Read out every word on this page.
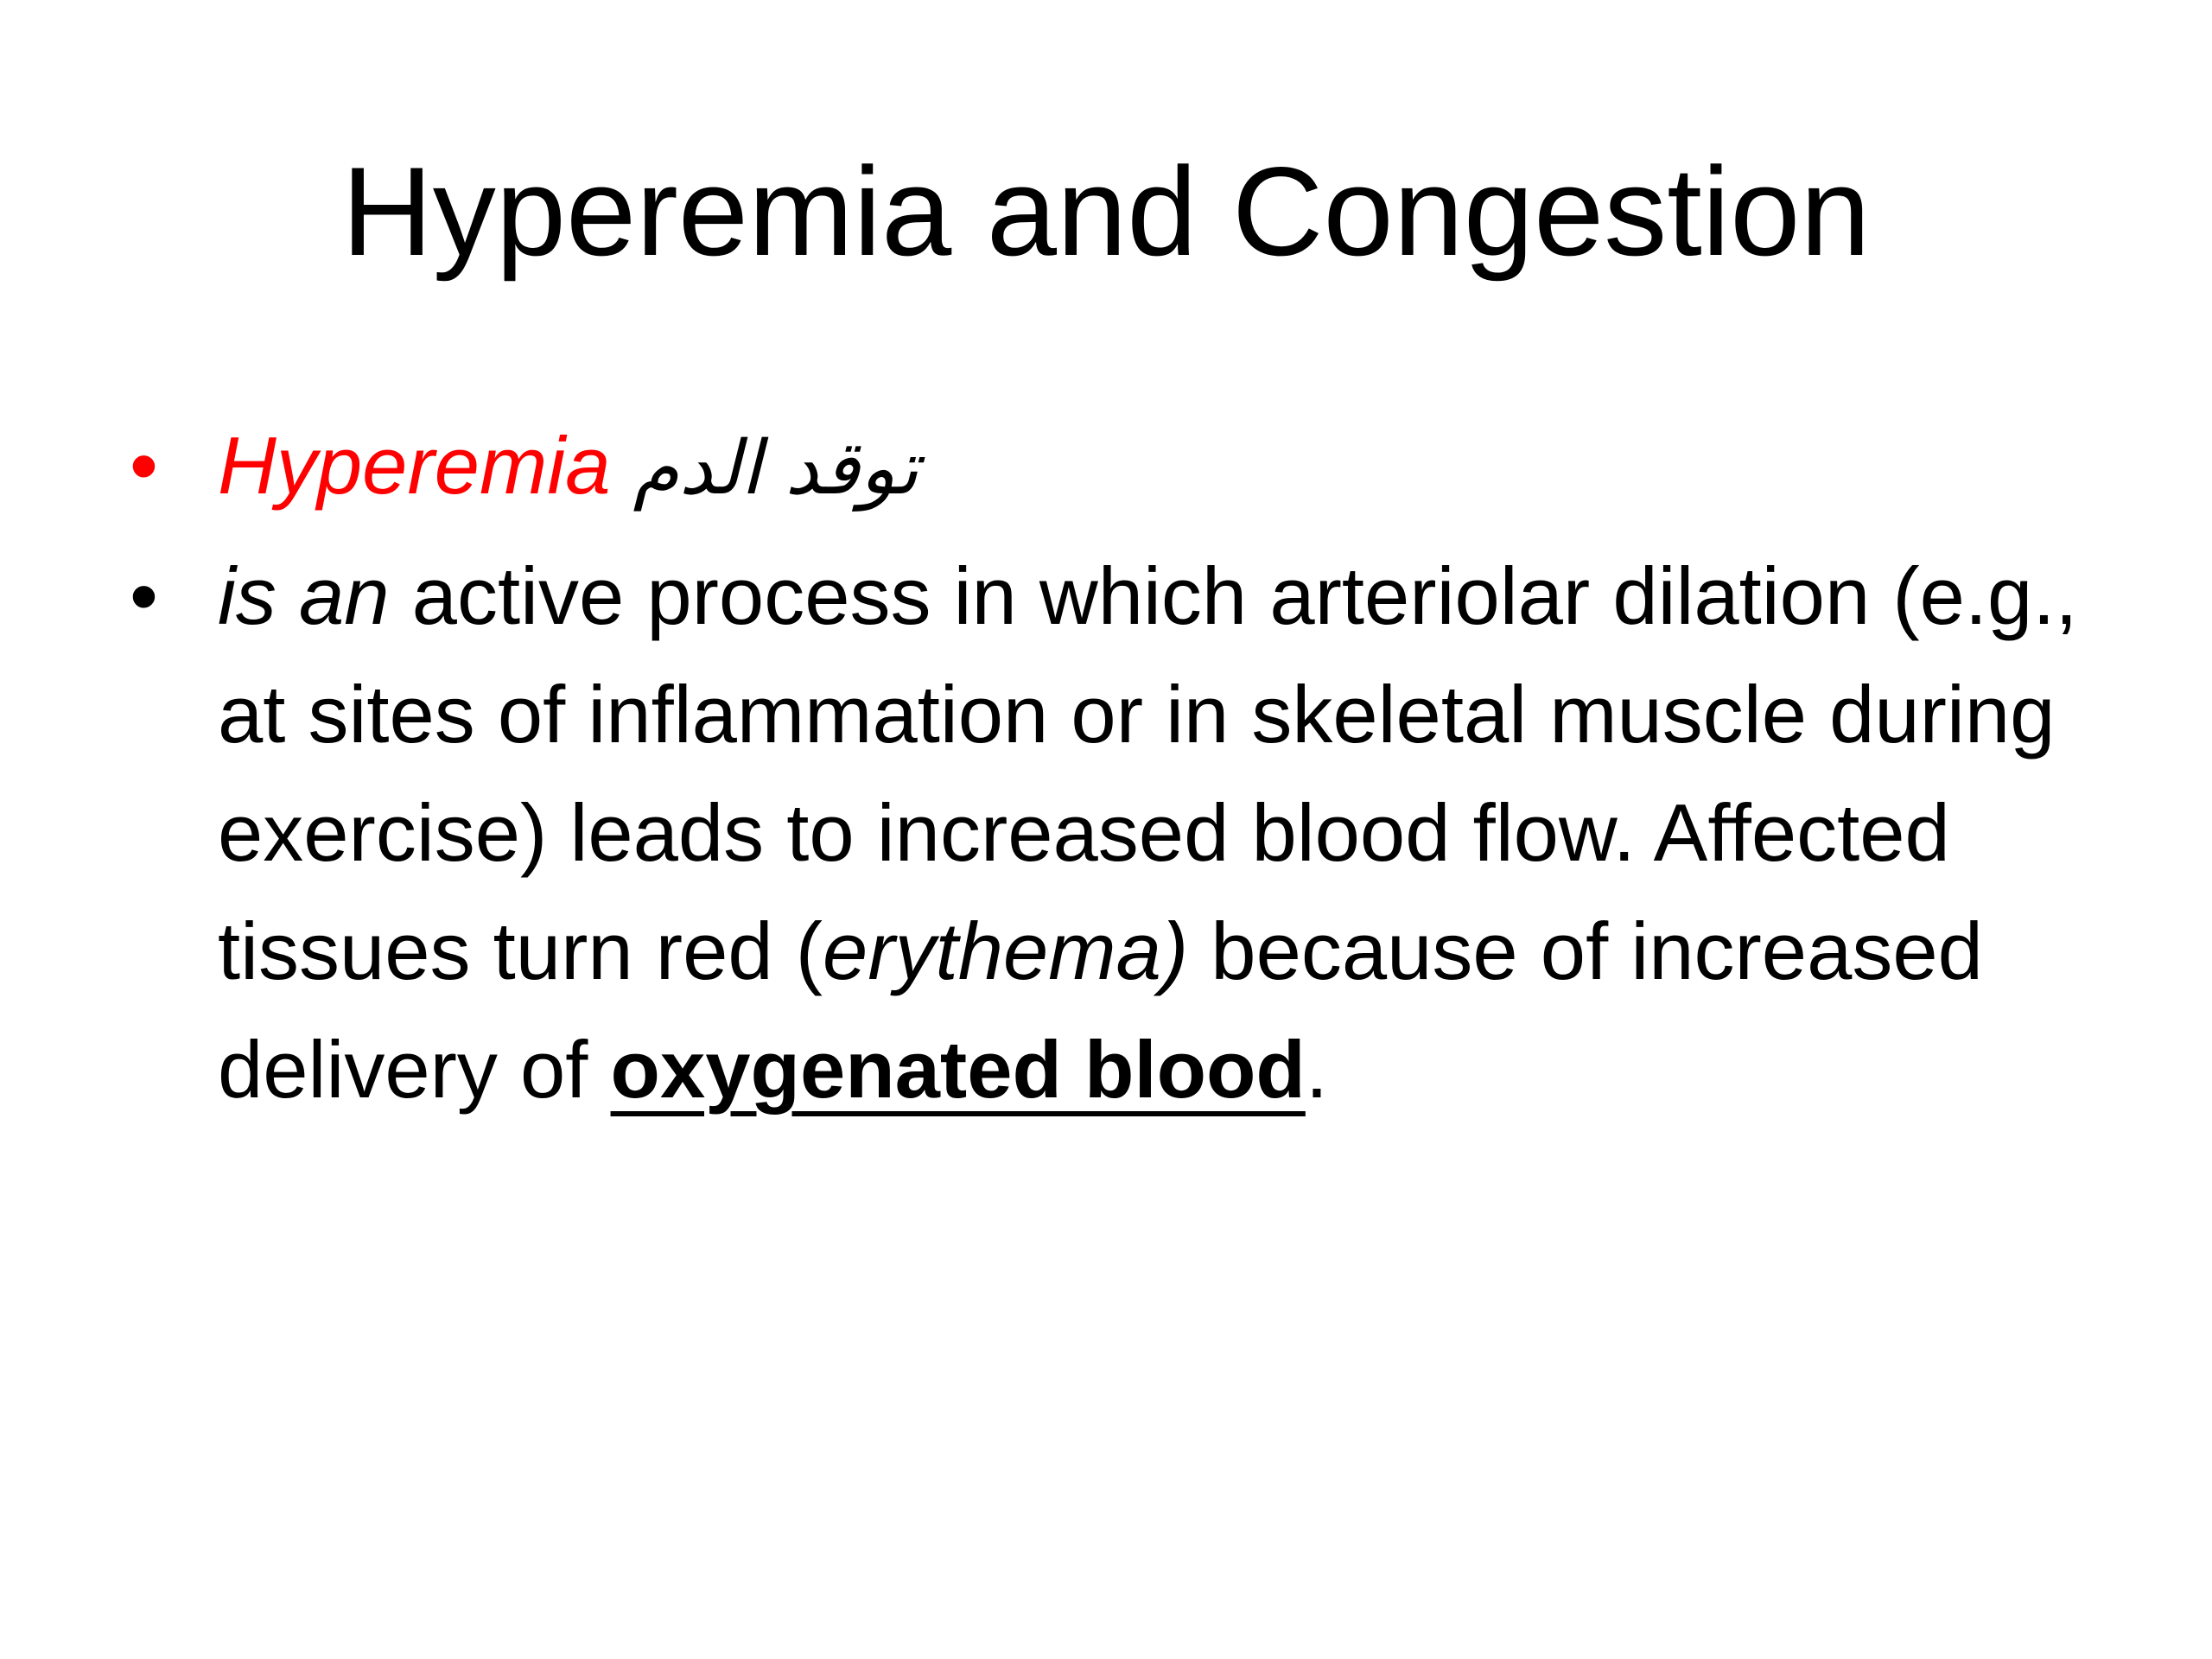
Hyperemia and Congestion
• Hyperemia توقد الدم
• is an active process in which arteriolar dilation (e.g., at sites of inflammation or in skeletal muscle during exercise) leads to increased blood flow. Affected tissues turn red (erythema) because of increased delivery of oxygenated blood.
